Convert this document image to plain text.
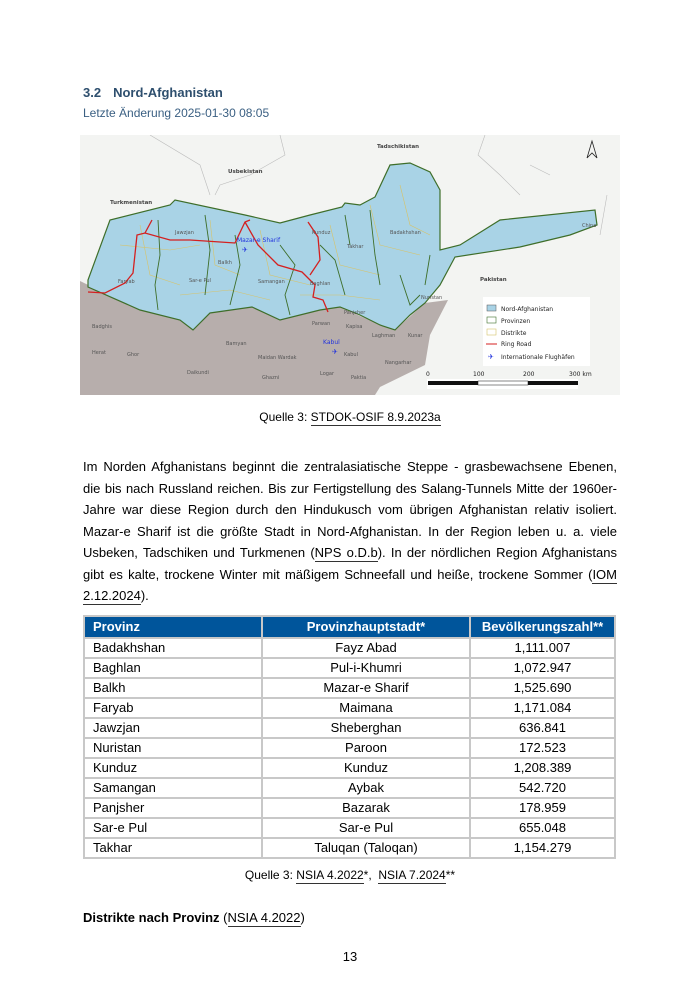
3.2 Nord-Afghanistan
Letzte Änderung 2025-01-30 08:05
Tadschikistan
Usbekistan
Turkmenistan
Pakistan
China
Jawzjan	Kunduz
Takhar
Badakhshan
Balkh
Faryab	Sar-e Pul	Samangan	Baghlan
Nuristan
Panjsher
Parwan	Kapisa
Laghman	Kunar
Kabul
Badghis
Herat	Ghor
Bamyan
Maidan Wardak
Daikundi
Ghazni
Logar
Paktia
Nangarhar
Mazar-e Sharif
✈
Kabul
✈
✈
Nord-Afghanistan
Provinzen
Distrikte
Ring Road
Internationale Flughäfen
0	100	200	300 km
Quelle 3: STDOK-OSIF 8.9.2023a
Im Norden Afghanistans beginnt die zentralasiatische Steppe - grasbewachsene Ebenen, die bis nach Russland reichen. Bis zur Fertigstellung des Salang-Tunnels Mitte der 1960er-Jahre war diese Region durch den Hindukusch vom übrigen Afghanistan relativ isoliert. Mazar-e Sharif ist die größte Stadt in Nord-Afghanistan. In der Region leben u. a. viele Usbeken, Tadschiken und Turkmenen (NPS o.D.b). In der nördlichen Region Afghanistans gibt es kalte, trockene Winter mit mäßigem Schneefall und heiße, trockene Sommer (IOM 2.12.2024).
Provinz	Provinzhauptstadt*	Bevölkerungszahl**
Badakhshan	Fayz Abad	1,111.007
Baghlan	Pul-i-Khumri	1,072.947
Balkh	Mazar-e Sharif	1,525.690
Faryab	Maimana	1,171.084
Jawzjan	Sheberghan	636.841
Nuristan	Paroon	172.523
Kunduz	Kunduz	1,208.389
Samangan	Aybak	542.720
Panjsher	Bazarak	178.959
Sar-e Pul	Sar-e Pul	655.048
Takhar	Taluqan (Taloqan)	1,154.279
Quelle 3: NSIA 4.2022*,  NSIA 7.2024**
Distrikte nach Provinz (NSIA 4.2022)
13
